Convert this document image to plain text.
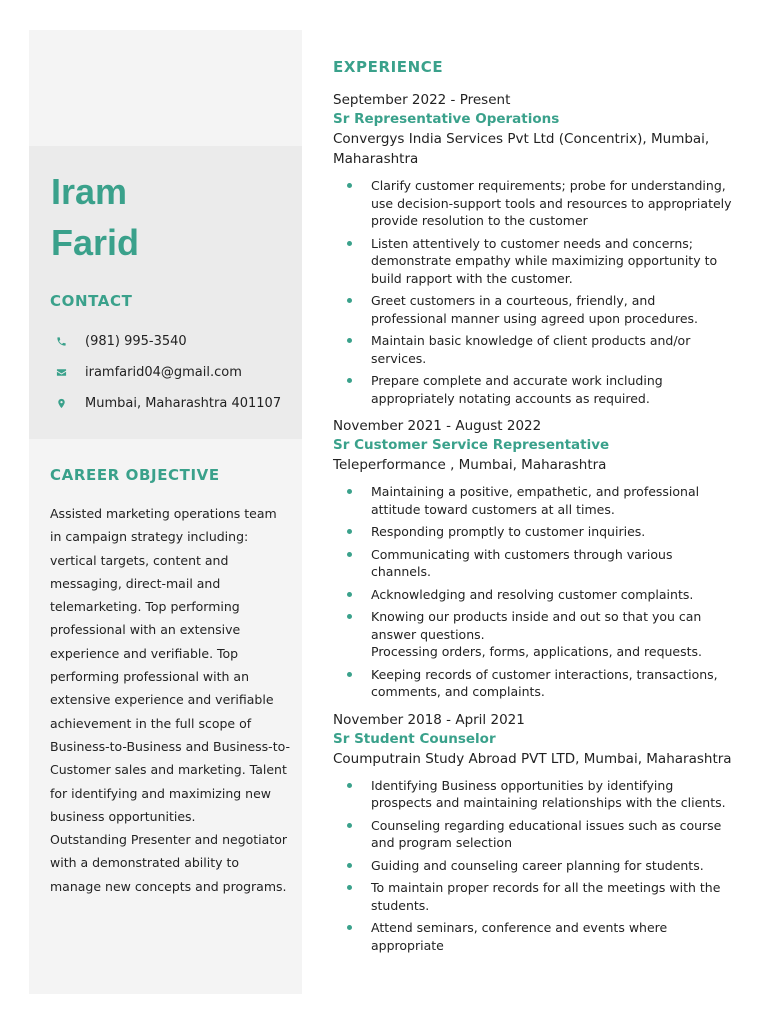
Iram
Farid
CONTACT
(981) 995-3540
iramfarid04@gmail.com
Mumbai, Maharashtra 401107
CAREER OBJECTIVE

Assisted marketing operations team in campaign strategy including: vertical targets, content and messaging, direct-mail and telemarketing. Top performing professional with an extensive experience and verifiable. Top performing professional with an extensive experience and verifiable achievement in the full scope of Business-to-Business and Business-to-Customer sales and marketing. Talent for identifying and maximizing new business opportunities.

Outstanding Presenter and negotiator with a demonstrated ability to manage new concepts and programs.

EXPERIENCE
September 2022 - Present
Sr Representative Operations
Convergys India Services Pvt Ltd (Concentrix), Mumbai, Maharashtra
Clarify customer requirements; probe for understanding, use decision-support tools and resources to appropriately provide resolution to the customer
Listen attentively to customer needs and concerns; demonstrate empathy while maximizing opportunity to build rapport with the customer.
Greet customers in a courteous, friendly, and professional manner using agreed upon procedures.
Maintain basic knowledge of client products and/or services.
Prepare complete and accurate work including appropriately notating accounts as required.
November 2021 - August 2022
Sr Customer Service Representative
Teleperformance , Mumbai, Maharashtra
Maintaining a positive, empathetic, and professional attitude toward customers at all times.
Responding promptly to customer inquiries.
Communicating with customers through various channels.
Acknowledging and resolving customer complaints.
Knowing our products inside and out so that you can answer questions.
Processing orders, forms, applications, and requests.
Keeping records of customer interactions, transactions, comments, and complaints.
November 2018 - April 2021
Sr Student Counselor
Coumputrain Study Abroad PVT LTD, Mumbai, Maharashtra
Identifying Business opportunities by identifying prospects and maintaining relationships with the clients.
Counseling regarding educational issues such as course and program selection
Guiding and counseling career planning for students.
To maintain proper records for all the meetings with the students.
Attend seminars, conference and events where appropriate
